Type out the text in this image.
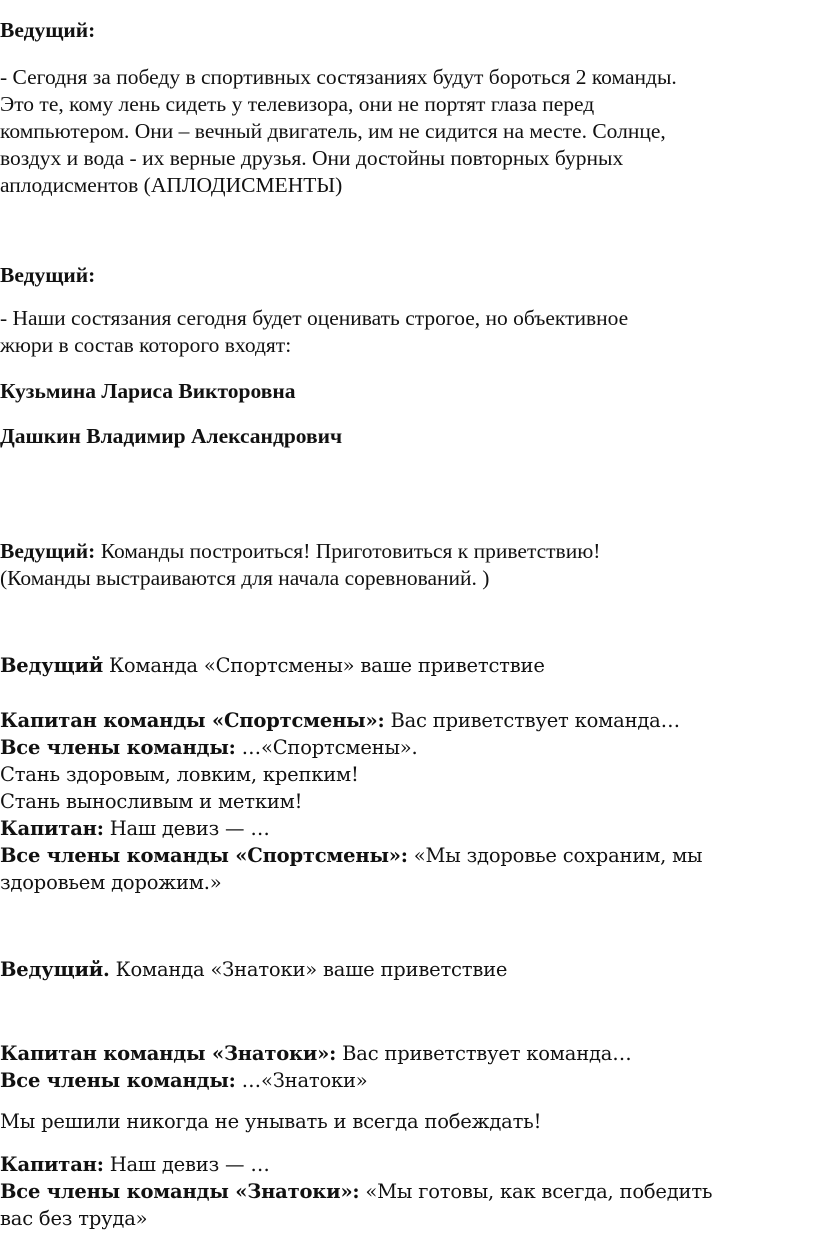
Ведущий:
- Сегодня за победу в спортивных состязаниях будут бороться 2 команды.
Это те, кому лень сидеть у телевизора, они не портят глаза перед
компьютером. Они – вечный двигатель, им не сидится на месте. Солнце,
воздух и вода - их верные друзья. Они достойны повторных бурных
аплодисментов (АПЛОДИСМЕНТЫ)
Ведущий:
- Наши состязания сегодня будет оценивать строгое, но объективное
жюри в состав которого входят:
Кузьмина Лариса Викторовна
Дашкин Владимир Александрович
Ведущий: Команды построиться! Приготовиться к приветствию!
(Команды выстраиваются для начала соревнований. )
Ведущий Команда «Спортсмены» ваше приветствие
Капитан команды «Спортсмены»: Вас приветствует команда…
Все члены команды: …«Спортсмены».
Стань здоровым, ловким, крепким!
Стань выносливым и метким!
Капитан: Наш девиз — …
Все члены команды «Спортсмены»: «Мы здоровье сохраним, мы
здоровьем дорожим.»
Ведущий. Команда «Знатоки» ваше приветствие
Капитан команды «Знатоки»: Вас приветствует команда…
Все члены команды: …«Знатоки»
Мы решили никогда не унывать и всегда побеждать!
Капитан: Наш девиз — …
Все члены команды «Знатоки»: «Мы готовы, как всегда, победить
вас без труда»
